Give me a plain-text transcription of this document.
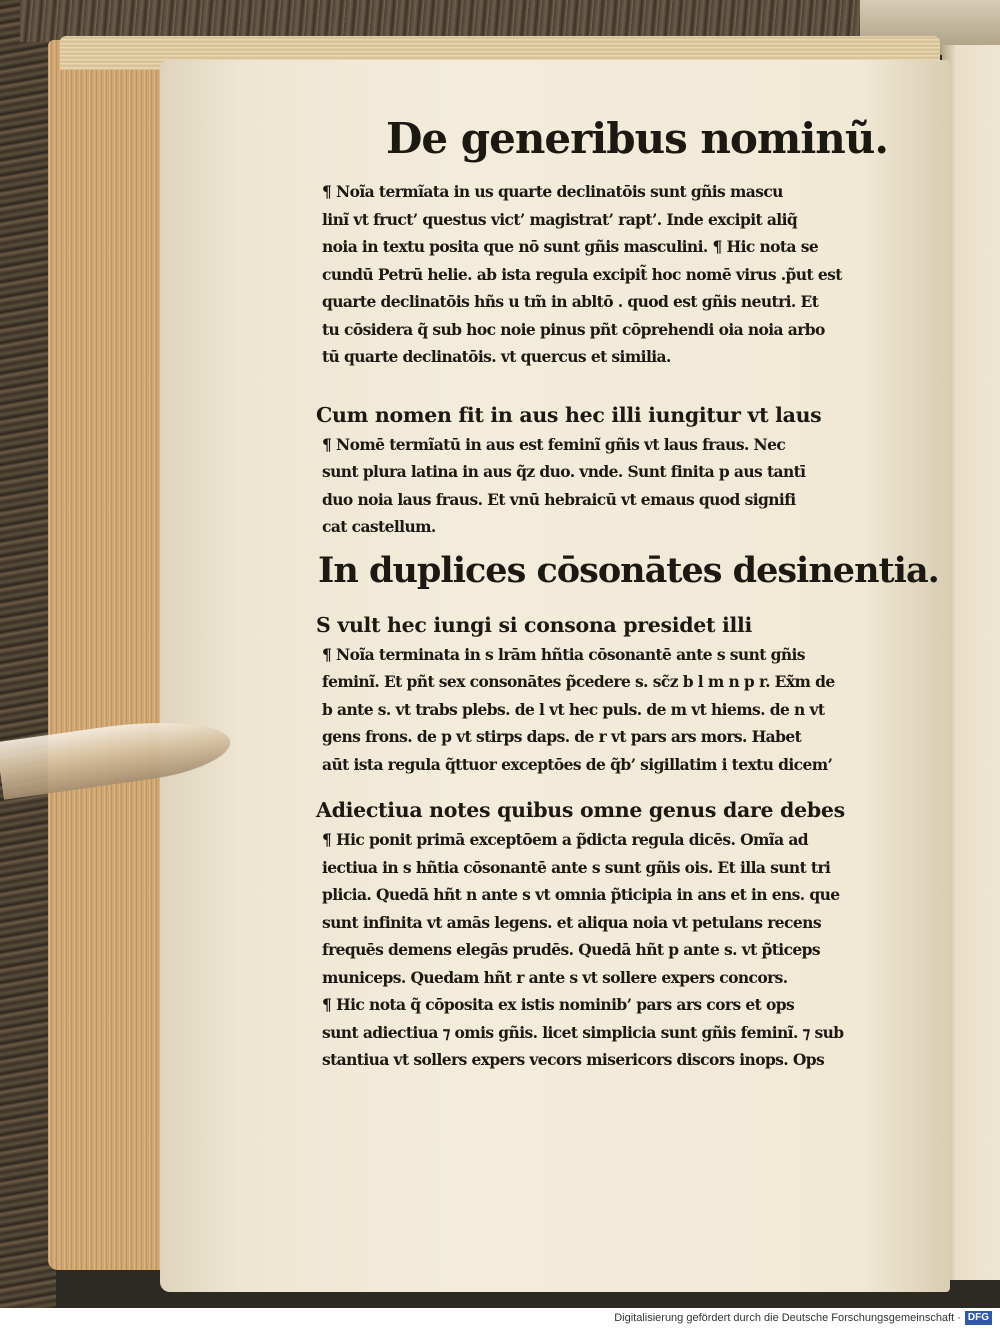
De generibus nominũ.
¶ Noĩa termĩata in us quarte declinatōis sunt gñis mascu
linĩ vt fruct’ questus vict’ magistrat’ rapt’. Inde excipit aliq̃
noia in textu posita que nō sunt gñis masculini. ¶ Hic nota se
cundū Petrū helie. ab ista regula excipit̃ hoc nomē virus .p̃ut est
quarte declinatōis hñs u tm̃ in abltō . quod est gñis neutri. Et
tu cōsidera q̃ sub hoc noie pinus pñt cōprehendi oia noia arbo
tū quarte declinatōis. vt quercus et similia.
Cum nomen fit in aus hec illi iungitur vt laus
¶ Nomē termĩatū in aus est feminĩ gñis vt laus fraus. Nec
sunt plura latina in aus q̃z duo. vnde. Sunt finita p aus tantī
duo noia laus fraus. Et vnū hebraicū vt emaus quod signifi
cat castellum.
In duplices cōsonātes desinentia.
S vult hec iungi si consona presidet illi
¶ Noĩa terminata in s lrām hñtia cōsonantē ante s sunt gñis
feminĩ. Et pñt sex consonātes p̃cedere s. sc̃z b l m n p r. Ex̃m de
b ante s. vt trabs plebs. de l vt hec puls. de m vt hiems. de n vt
gens frons. de p vt stirps daps. de r vt pars ars mors. Habet
aūt ista regula q̃ttuor exceptōes de q̃b’ sigillatim i textu dicem’
Adiectiua notes quibus omne genus dare debes
¶ Hic ponit primā exceptōem a p̃dicta regula dicēs. Omĩa ad
iectiua in s hñtia cōsonantē ante s sunt gñis ois. Et illa sunt tri
plicia. Quedā hñt n ante s vt omnia p̃ticipia in ans et in ens. que
sunt infinita vt amās legens. et aliqua noia vt petulans recens
frequēs demens elegās prudēs. Quedā hñt p ante s. vt p̃ticeps
municeps. Quedam hñt r ante s vt sollere expers concors.
¶ Hic nota q̃ cōposita ex istis nominib’ pars ars cors et ops
sunt adiectiua ⁊ omis gñis. licet simplicia sunt gñis feminĩ. ⁊ sub
stantiua vt sollers expers vecors misericors discors inops. Ops
Digitalisierung gefördert durch die Deutsche Forschungsgemeinschaft · DFG
